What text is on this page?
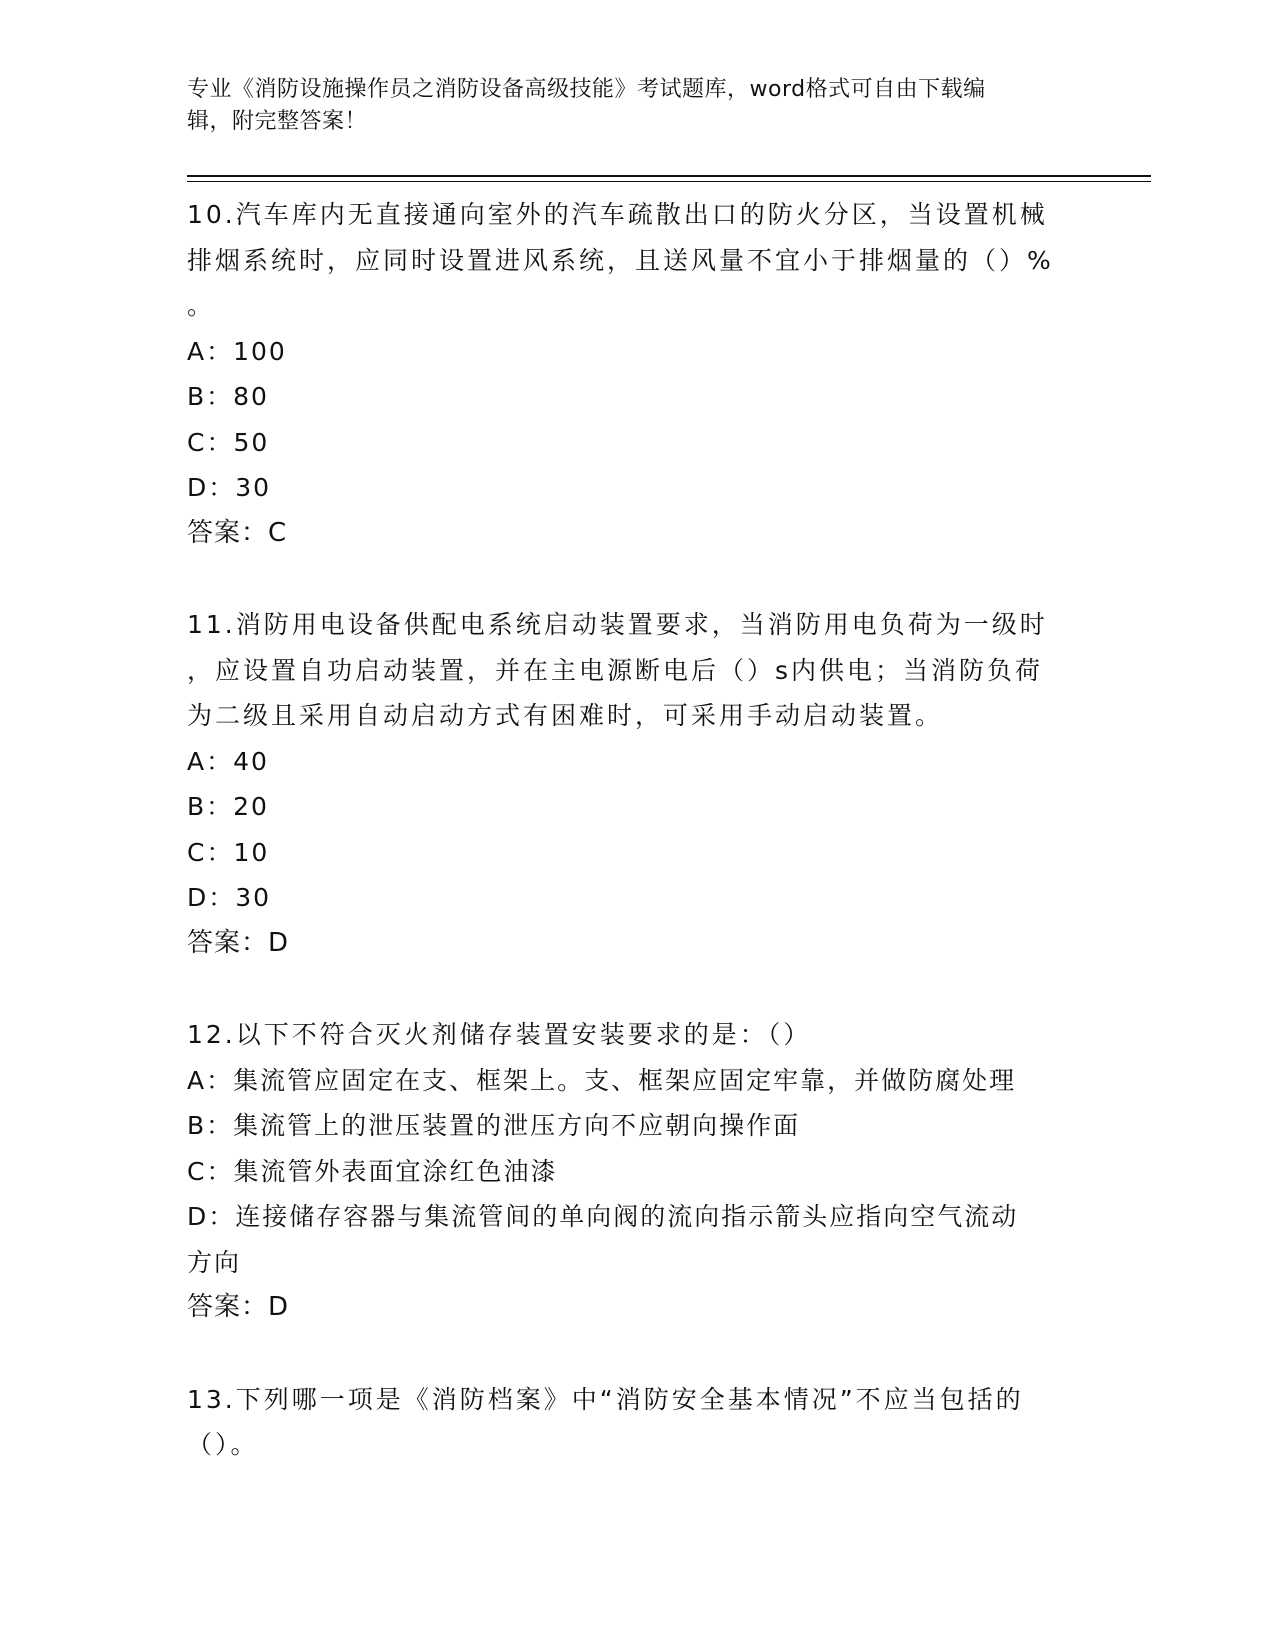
专业《消防设施操作员之消防设备高级技能》考试题库，word格式可自由下载编
辑，附完整答案！
10.汽车库内无直接通向室外的汽车疏散出口的防火分区，当设置机械
排烟系统时，应同时设置进风系统，且送风量不宜小于排烟量的（）%
。
A：100
B：80
C：50
D：30
答案：C
11.消防用电设备供配电系统启动装置要求，当消防用电负荷为一级时
，应设置自功启动装置，并在主电源断电后（）s内供电；当消防负荷
为二级且采用自动启动方式有困难时，可采用手动启动装置。
A：40
B：20
C：10
D：30
答案：D
12.以下不符合灭火剂储存装置安装要求的是：（）
A：集流管应固定在支、框架上。支、框架应固定牢靠，并做防腐处理
B：集流管上的泄压装置的泄压方向不应朝向操作面
C：集流管外表面宜涂红色油漆
D：连接储存容器与集流管间的单向阀的流向指示箭头应指向空气流动
方向
答案：D
13.下列哪一项是《消防档案》中“消防安全基本情况”不应当包括的
（）。
